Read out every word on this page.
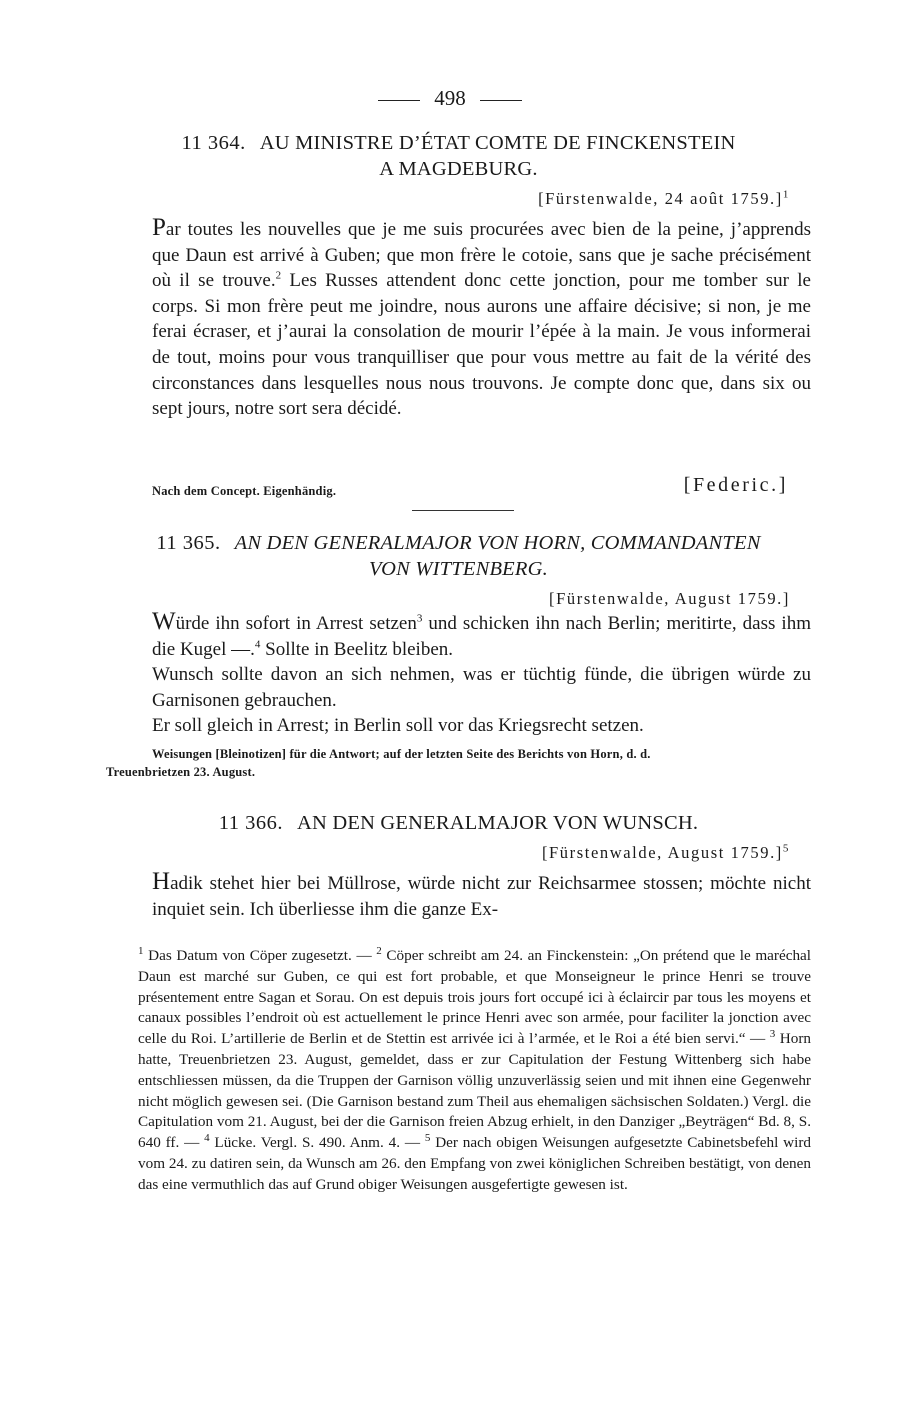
498
11 364. AU MINISTRE D’ÉTAT COMTE DE FINCKENSTEIN
A MAGDEBURG.
[Fürstenwalde, 24 août 1759.]$^1$
Par toutes les nouvelles que je me suis procurées avec bien de la peine, j’apprends que Daun est arrivé à Guben; que mon frère le cotoie, sans que je sache précisément où il se trouve.$^2$ Les Russes attendent donc cette jonction, pour me tomber sur le corps. Si mon frère peut me joindre, nous aurons une affaire décisive; si non, je me ferai écraser, et j’aurai la consolation de mourir l’épée à la main. Je vous informerai de tout, moins pour vous tranquilliser que pour vous mettre au fait de la vérité des circonstances dans lesquelles nous nous trouvons. Je compte donc que, dans six ou sept jours, notre sort sera décidé.
Nach dem Concept. Eigenhändig.	[Federic.]
11 365. AN DEN GENERALMAJOR VON HORN, COMMANDANTEN
VON WITTENBERG.
[Fürstenwalde, August 1759.]
Würde ihn sofort in Arrest setzen$^3$ und schicken ihn nach Berlin; meritirte, dass ihm die Kugel —.$^4$ Sollte in Beelitz bleiben.
Wunsch sollte davon an sich nehmen, was er tüchtig fünde, die übrigen würde zu Garnisonen gebrauchen.
Er soll gleich in Arrest; in Berlin soll vor das Kriegsrecht setzen.
Weisungen [Bleinotizen] für die Antwort; auf der letzten Seite des Berichts von Horn, d. d.
Treuenbrietzen 23. August.
11 366. AN DEN GENERALMAJOR VON WUNSCH.
[Fürstenwalde, August 1759.]$^5$
Hadik stehet hier bei Müllrose, würde nicht zur Reichsarmee stossen; möchte nicht inquiet sein. Ich überliesse ihm die ganze Ex-
$^1$ Das Datum von Cöper zugesetzt. — $^2$ Cöper schreibt am 24. an Finckenstein: „On prétend que le maréchal Daun est marché sur Guben, ce qui est fort probable, et que Monseigneur le prince Henri se trouve présentement entre Sagan et Sorau. On est depuis trois jours fort occupé ici à éclaircir par tous les moyens et canaux possibles l’endroit où est actuellement le prince Henri avec son armée, pour faciliter la jonction avec celle du Roi. L’artillerie de Berlin et de Stettin est arrivée ici à l’armée, et le Roi a été bien servi.“ — $^3$ Horn hatte, Treuenbrietzen 23. August, gemeldet, dass er zur Capitulation der Festung Wittenberg sich habe entschliessen müssen, da die Truppen der Garnison völlig unzuverlässig seien und mit ihnen eine Gegenwehr nicht möglich gewesen sei. (Die Garnison bestand zum Theil aus ehemaligen sächsischen Soldaten.) Vergl. die Capitulation vom 21. August, bei der die Garnison freien Abzug erhielt, in den Danziger „Beyträgen“ Bd. 8, S. 640 ff. — $^4$ Lücke. Vergl. S. 490. Anm. 4. — $^5$ Der nach obigen Weisungen aufgesetzte Cabinetsbefehl wird vom 24. zu datiren sein, da Wunsch am 26. den Empfang von zwei königlichen Schreiben bestätigt, von denen das eine vermuthlich das auf Grund obiger Weisungen ausgefertigte gewesen ist.
